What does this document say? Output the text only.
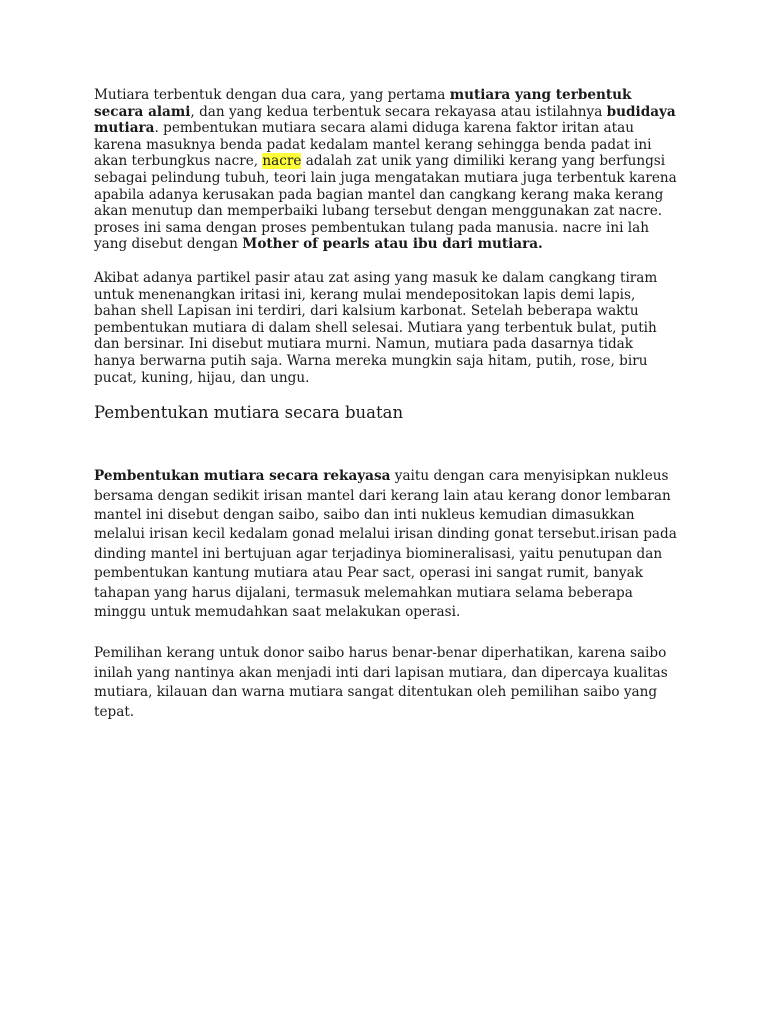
Mutiara terbentuk dengan dua cara, yang pertama mutiara yang terbentuk secara alami, dan yang kedua terbentuk secara rekayasa atau istilahnya budidaya mutiara. pembentukan mutiara secara alami diduga karena faktor iritan atau karena masuknya benda padat kedalam mantel kerang sehingga benda padat ini akan terbungkus nacre, nacre adalah zat unik yang dimiliki kerang yang berfungsi sebagai pelindung tubuh, teori lain juga mengatakan mutiara juga terbentuk karena apabila adanya kerusakan pada bagian mantel dan cangkang kerang maka kerang akan menutup dan memperbaiki lubang tersebut dengan menggunakan zat nacre. proses ini sama dengan proses pembentukan tulang pada manusia. nacre ini lah yang disebut dengan Mother of pearls atau ibu dari mutiara.

Akibat adanya partikel pasir atau zat asing yang masuk ke dalam cangkang tiram untuk menenangkan iritasi ini, kerang mulai mendepositokan lapis demi lapis, bahan shell Lapisan ini terdiri, dari kalsium karbonat. Setelah beberapa waktu pembentukan mutiara di dalam shell selesai. Mutiara yang terbentuk bulat, putih dan bersinar. Ini disebut mutiara murni. Namun, mutiara pada dasarnya tidak hanya berwarna putih saja. Warna mereka mungkin saja hitam, putih, rose, biru pucat, kuning, hijau, dan ungu.

Pembentukan mutiara secara buatan

Pembentukan mutiara secara rekayasa yaitu dengan cara menyisipkan nukleus bersama dengan sedikit irisan mantel dari kerang lain atau kerang donor lembaran mantel ini disebut dengan saibo, saibo dan inti nukleus kemudian dimasukkan melalui irisan kecil kedalam gonad melalui irisan dinding gonat tersebut.irisan pada dinding mantel ini bertujuan agar terjadinya biomineralisasi, yaitu penutupan dan pembentukan kantung mutiara atau Pear sact, operasi ini sangat rumit, banyak tahapan yang harus dijalani, termasuk melemahkan mutiara selama beberapa minggu untuk memudahkan saat melakukan operasi.

Pemilihan kerang untuk donor saibo harus benar-benar diperhatikan, karena saibo inilah yang nantinya akan menjadi inti dari lapisan mutiara, dan dipercaya kualitas mutiara, kilauan dan warna mutiara sangat ditentukan oleh pemilihan saibo yang tepat.
